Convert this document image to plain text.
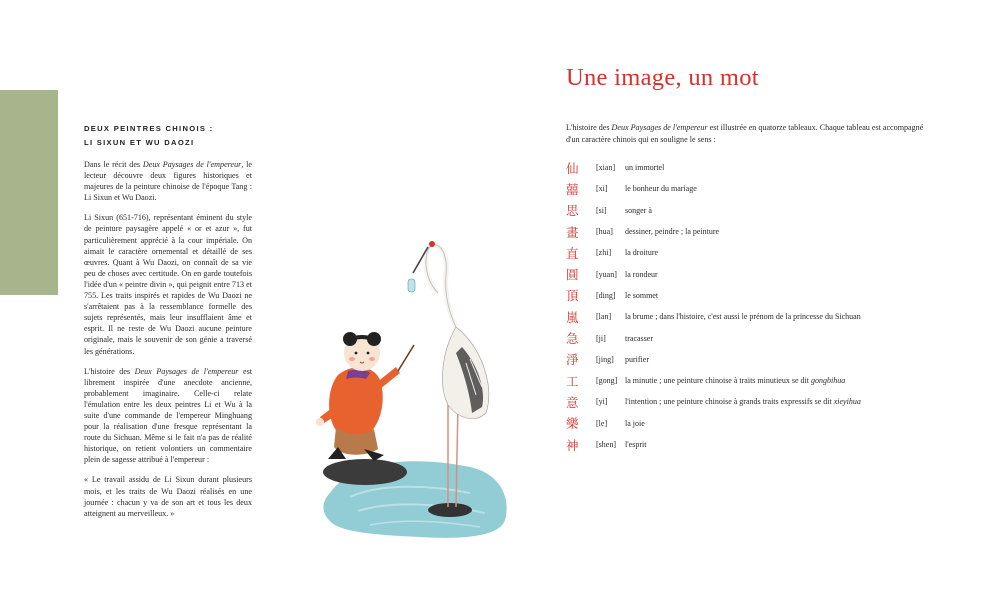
DEUX PEINTRES CHINOIS :
LI SIXUN ET WU DAOZI

Dans le récit des Deux Paysages de l'empereur, le lecteur découvre deux figures historiques et majeures de la peinture chinoise de l'époque Tang : Li Sixun et Wu Daozi.

Li Sixun (651-716), représentant éminent du style de peinture paysagère appelé « or et azur », fut particulièrement apprécié à la cour impériale. On aimait le caractère ornemental et détaillé de ses œuvres. Quant à Wu Daozi, on connaît de sa vie peu de choses avec certitude. On en garde toutefois l'idée d'un « peintre divin », qui peignit entre 713 et 755. Les traits inspirés et rapides de Wu Daozi ne s'arrêtaient pas à la ressemblance formelle des sujets représentés, mais leur insufflaient âme et esprit. Il ne reste de Wu Daozi aucune peinture originale, mais le souvenir de son génie a traversé les générations.

L'histoire des Deux Paysages de l'empereur est librement inspirée d'une anecdote ancienne, probablement imaginaire. Celle-ci relate l'émulation entre les deux peintres Li et Wu à la suite d'une commande de l'empereur Minghuang pour la réalisation d'une fresque représentant la route du Sichuan. Même si le fait n'a pas de réalité historique, on retient volontiers un commentaire plein de sagesse attribué à l'empereur :

« Le travail assidu de Li Sixun durant plusieurs mois, et les traits de Wu Daozi réalisés en une journée : chacun y va de son art et tous les deux atteignent au merveilleux. »

Une image, un mot

L'histoire des Deux Paysages de l'empereur est illustrée en quatorze tableaux. Chaque tableau est accompagné d'un caractère chinois qui en souligne le sens :

仙	[xian]	un immortel
囍	[xi]	le bonheur du mariage
思	[si]	songer à
畫	[hua]	dessiner, peindre ; la peinture
直	[zhi]	la droiture
圓	[yuan]	la rondeur
頂	[ding]	le sommet
嵐	[lan]	la brume ; dans l'histoire, c'est aussi le prénom de la princesse du Sichuan
急	[ji]	tracasser
淨	[jing]	purifier
工	[gong] la minutie ; une peinture chinoise à traits minutieux se dit gongbihua
意	[yi]	l'intention ; une peinture chinoise à grands traits expressifs se dit xieyihua
樂	[le]	la joie
神	[shen]	l'esprit
